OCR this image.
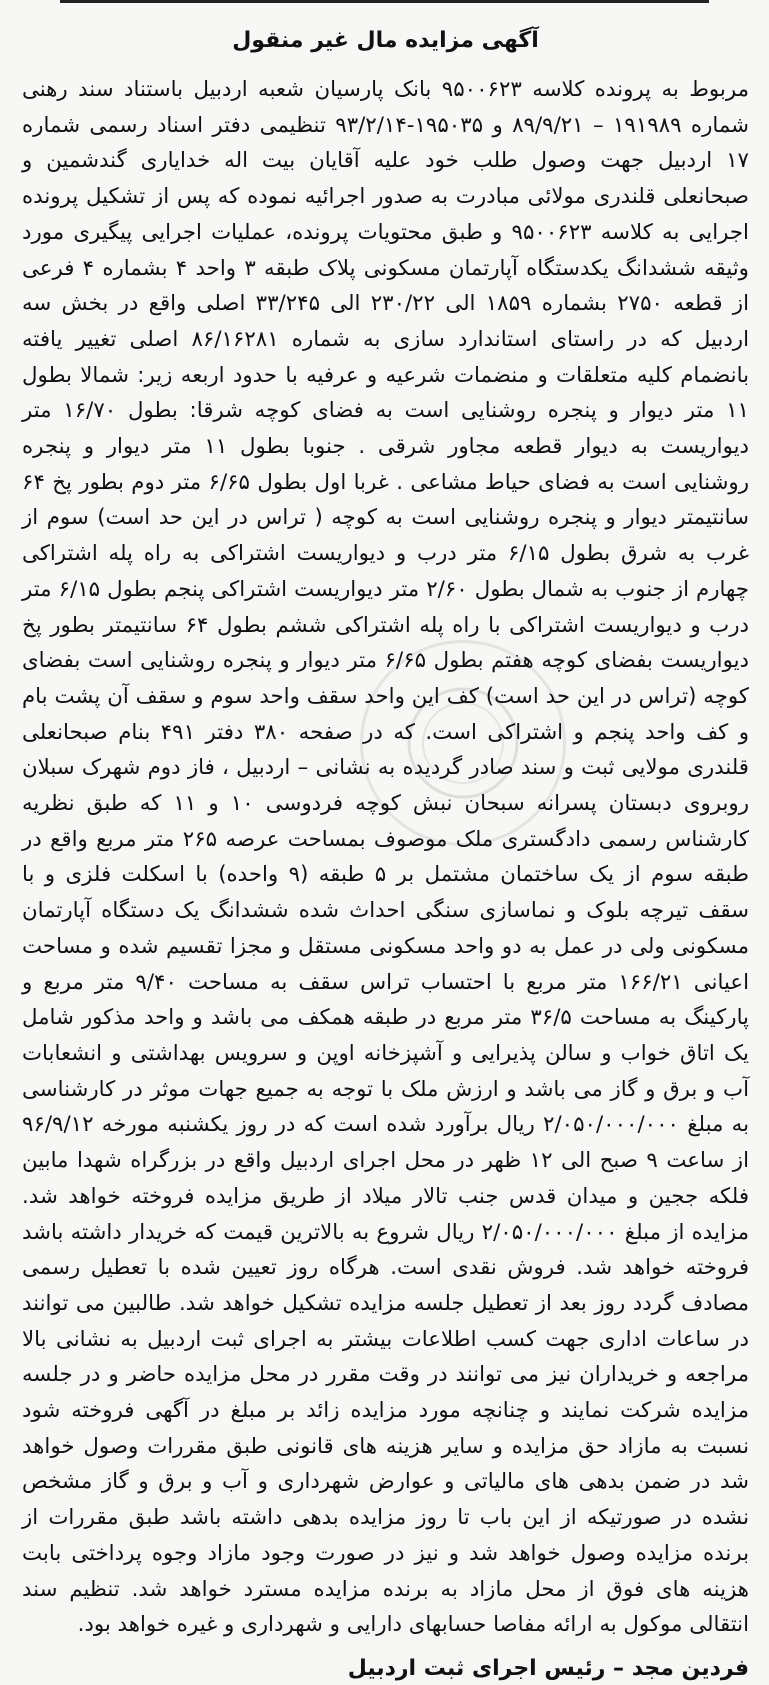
آگهی مزایده مال غیر منقول
مربوط به پرونده کلاسه ۹۵۰۰۶۲۳ بانک پارسیان شعبه اردبیل باستناد سند رهنی شماره ۱۹۱۹۸۹ – ۸۹/۹/۲۱ و ۱۹۵۰۳۵-۹۳/۲/۱۴ تنظیمی دفتر اسناد رسمی شماره ۱۷ اردبیل جهت وصول طلب خود علیه آقایان بیت اله خدایاری گندشمین و صبحانعلی قلندری مولائی مبادرت به صدور اجرائیه نموده که پس از تشکیل پرونده اجرایی به کلاسه ۹۵۰۰۶۲۳ و طبق محتویات پرونده، عملیات اجرایی پیگیری مورد وثیقه ششدانگ یکدستگاه آپارتمان مسکونی پلاک طبقه ۳ واحد ۴ بشماره ۴ فرعی از قطعه ۲۷۵۰ بشماره ۱۸۵۹ الی ۲۳۰/۲۲ الی ۳۳/۲۴۵ اصلی واقع در بخش سه اردبیل که در راستای استاندارد سازی به شماره ۸۶/۱۶۲۸۱ اصلی تغییر یافته بانضمام کلیه متعلقات و منضمات شرعیه و عرفیه با حدود اربعه زیر: شمالا بطول ۱۱ متر دیوار و پنجره روشنایی است به فضای کوچه شرقا: بطول ۱۶/۷۰ متر دیواریست به دیوار قطعه مجاور شرقی . جنوبا بطول ۱۱ متر دیوار و پنجره روشنایی است به فضای حیاط مشاعی . غربا اول بطول ۶/۶۵ متر دوم بطور پخ ۶۴ سانتیمتر دیوار و پنجره روشنایی است به کوچه ( تراس در این حد است) سوم از غرب به شرق بطول ۶/۱۵ متر درب و دیواریست اشتراکی به راه پله اشتراکی چهارم از جنوب به شمال بطول ۲/۶۰ متر دیواریست اشتراکی پنجم بطول ۶/۱۵ متر درب و دیواریست اشتراکی با راه پله اشتراکی ششم بطول ۶۴ سانتیمتر بطور پخ دیواریست بفضای کوچه هفتم بطول ۶/۶۵ متر دیوار و پنجره روشنایی است بفضای کوچه (تراس در این حد است) کف این واحد سقف واحد سوم و سقف آن پشت بام و کف واحد پنجم و اشتراکی است. که در صفحه ۳۸۰ دفتر ۴۹۱ بنام صبحانعلی قلندری مولایی ثبت و سند صادر گردیده به نشانی – اردبیل ، فاز دوم شهرک سبلان روبروی دبستان پسرانه سبحان نبش کوچه فردوسی ۱۰ و ۱۱ که طبق نظریه کارشناس رسمی دادگستری ملک موصوف بمساحت عرصه ۲۶۵ متر مربع واقع در طبقه سوم از یک ساختمان مشتمل بر ۵ طبقه (۹ واحده) با اسکلت فلزی و با سقف تیرچه بلوک و نماسازی سنگی احداث شده ششدانگ یک دستگاه آپارتمان مسکونی ولی در عمل به دو واحد مسکونی مستقل و مجزا تقسیم شده و مساحت اعیانی ۱۶۶/۲۱ متر مربع با احتساب تراس سقف به مساحت ۹/۴۰ متر مربع و پارکینگ به مساحت ۳۶/۵ متر مربع در طبقه همکف می باشد و واحد مذکور شامل یک اتاق خواب و سالن پذیرایی و آشپزخانه اوپن و سرویس بهداشتی و انشعابات آب و برق و گاز می باشد و ارزش ملک با توجه به جمیع جهات موثر در کارشناسی به مبلغ ۲/۰۵۰/۰۰۰/۰۰۰ ریال برآورد شده است که در روز یکشنبه مورخه ۹۶/۹/۱۲ از ساعت ۹ صبح الی ۱۲ ظهر در محل اجرای اردبیل واقع در بزرگراه شهدا مابین فلکه ججین و میدان قدس جنب تالار میلاد از طریق مزایده فروخته خواهد شد. مزایده از مبلغ ۲/۰۵۰/۰۰۰/۰۰۰ ریال شروع به بالاترین قیمت که خریدار داشته باشد فروخته خواهد شد. فروش نقدی است. هرگاه روز تعیین شده با تعطیل رسمی مصادف گردد روز بعد از تعطیل جلسه مزایده تشکیل خواهد شد. طالبین می توانند در ساعات اداری جهت کسب اطلاعات بیشتر به اجرای ثبت اردبیل به نشانی بالا مراجعه و خریداران نیز می توانند در وقت مقرر در محل مزایده حاضر و در جلسه مزایده شرکت نمایند و چنانچه مورد مزایده زائد بر مبلغ در آگهی فروخته شود نسبت به مازاد حق مزایده و سایر هزینه های قانونی طبق مقررات وصول خواهد شد در ضمن بدهی های مالیاتی و عوارض شهرداری و آب و برق و گاز مشخص نشده در صورتیکه از این باب تا روز مزایده بدهی داشته باشد طبق مقررات از برنده مزایده وصول خواهد شد و نیز در صورت وجود مازاد وجوه پرداختی بابت هزینه های فوق از محل مازاد به برنده مزایده مسترد خواهد شد. تنظیم سند انتقالی موکول به ارائه مفاصا حسابهای دارایی و شهرداری و غیره خواهد بود.
فردین مجد – رئیس اجرای ثبت اردبیل
